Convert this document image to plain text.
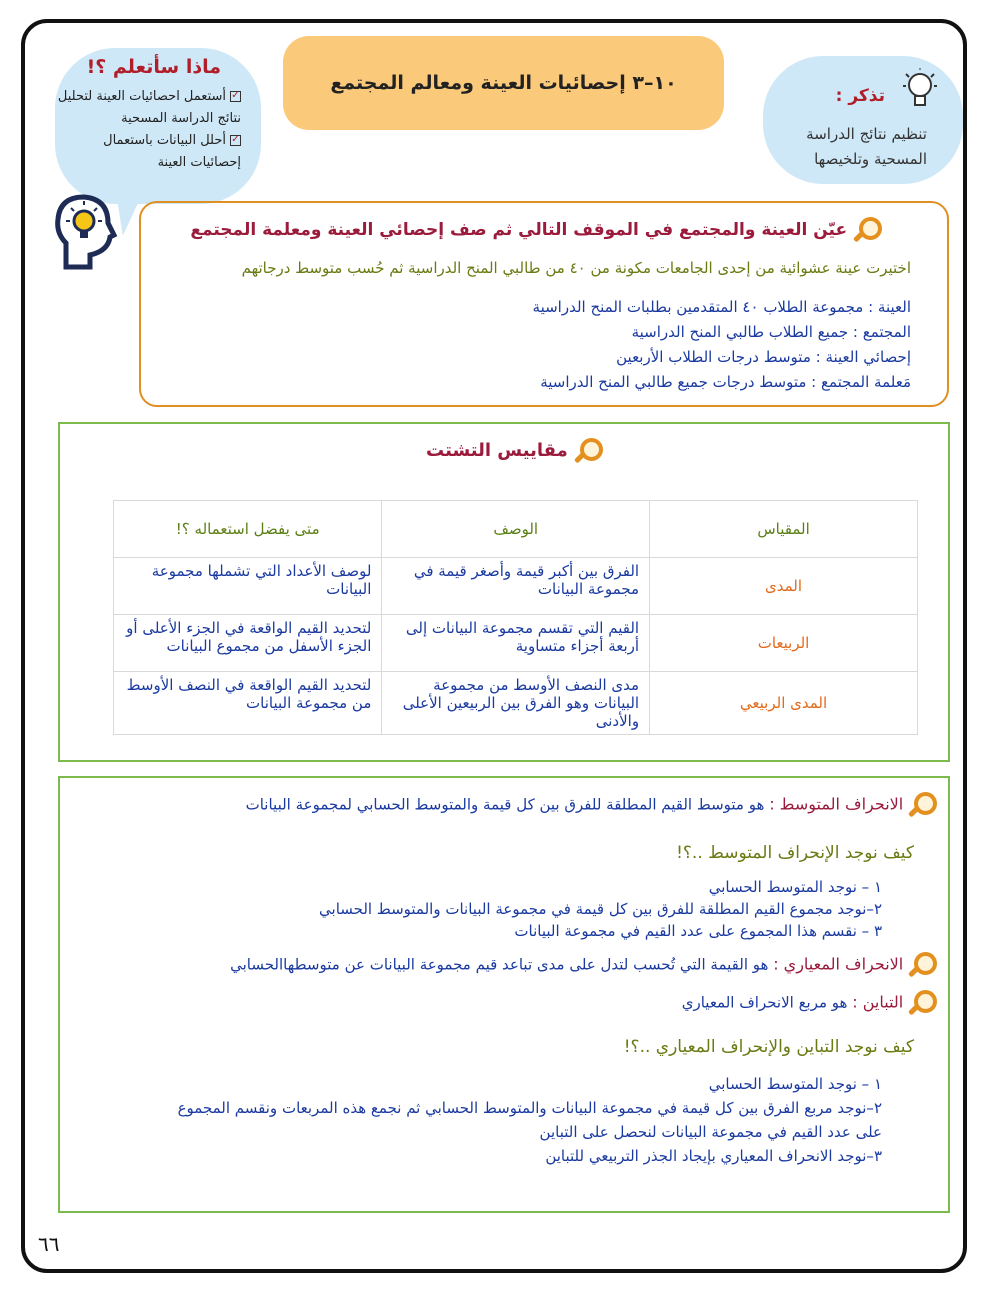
١٠–٣ إحصائيات العينة ومعالم المجتمع
ماذا سأتعلم ؟!
✓أستعمل احصائيات العينة لتحليل
نتائج الدراسة المسحية
✓أحلل البيانات باستعمال
إحصائيات العينة
تذكر :
تنظيم نتائج الدراسة
المسحية وتلخيصها
عيّن العينة والمجتمع في الموقف التالي ثم صف إحصائي العينة ومعلمة المجتمع
اختيرت عينة عشوائية من إحدى الجامعات مكونة من ٤٠ من طالبي المنح الدراسية ثم حُسب متوسط درجاتهم
العينة : مجموعة الطلاب ٤٠ المتقدمين بطلبات المنح الدراسية
المجتمع : جميع الطلاب طالبي المنح الدراسية
إحصائي العينة : متوسط درجات الطلاب الأربعين
مَعلمة المجتمع : متوسط درجات جميع طالبي المنح الدراسية
مقاييس التشتت
المقياس	الوصف	متى يفضل استعماله ؟!
المدى	الفرق بين أكبر قيمة وأصغر قيمة في مجموعة البيانات	لوصف الأعداد التي تشملها مجموعة البيانات
الربيعات	القيم التي تقسم مجموعة البيانات إلى أربعة أجزاء متساوية	لتحديد القيم الواقعة في الجزء الأعلى أو الجزء الأسفل من مجموع البيانات
المدى الربيعي	مدى النصف الأوسط من مجموعة البيانات وهو الفرق بين الربيعين الأعلى والأدنى	لتحديد القيم الواقعة في النصف الأوسط من مجموعة البيانات
الانحراف المتوسط : هو متوسط القيم المطلقة للفرق بين كل قيمة والمتوسط الحسابي لمجموعة البيانات
كيف نوجد الإنحراف المتوسط ..؟!
١ – نوجد المتوسط الحسابي
٢–نوجد مجموع القيم المطلقة للفرق بين كل قيمة في مجموعة البيانات والمتوسط الحسابي
٣ – نقسم هذا المجموع على عدد القيم في مجموعة البيانات
الانحراف المعياري : هو القيمة التي تُحسب لتدل على مدى تباعد قيم مجموعة البيانات عن متوسطهاالحسابي
التباين : هو مربع الانحراف المعياري
كيف نوجد التباين والإنحراف المعياري ..؟!
١ – نوجد المتوسط الحسابي
٢–نوجد مربع الفرق بين كل قيمة في مجموعة البيانات والمتوسط الحسابي ثم نجمع هذه المربعات ونقسم المجموع
على عدد القيم في مجموعة البيانات لنحصل على التباين
٣–نوجد الانحراف المعياري بإيجاد الجذر التربيعي للتباين
٦٦
